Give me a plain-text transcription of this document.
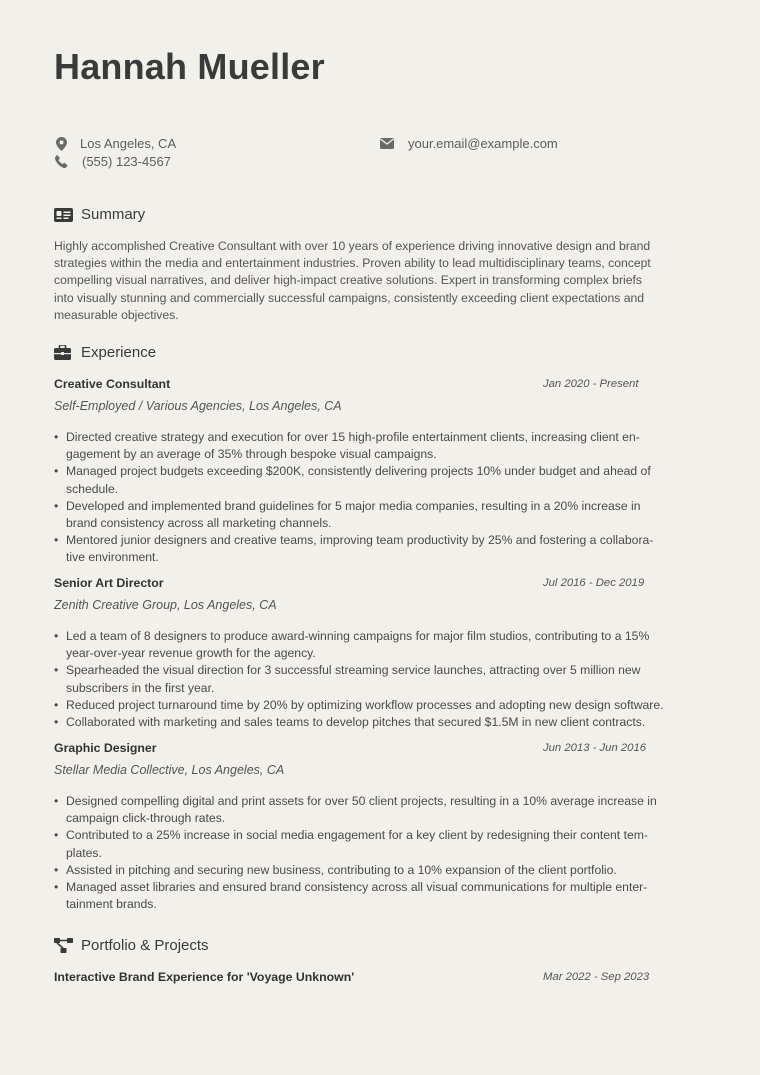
Hannah Mueller
Los Angeles, CA
(555) 123-4567
your.email@example.com
Summary

Highly accomplished Creative Consultant with over 10 years of experience driving innovative design and brand
strategies within the media and entertainment industries. Proven ability to lead multidisciplinary teams, concept
compelling visual narratives, and deliver high-impact creative solutions. Expert in transforming complex briefs
into visually stunning and commercially successful campaigns, consistently exceeding client expectations and
measurable objectives.

Experience
Creative Consultant	Jan 2020 - Present
Self-Employed / Various Agencies, Los Angeles, CA
• Directed creative strategy and execution for over 15 high-profile entertainment clients, increasing client en-
gagement by an average of 35% through bespoke visual campaigns.
• Managed project budgets exceeding $200K, consistently delivering projects 10% under budget and ahead of
schedule.
• Developed and implemented brand guidelines for 5 major media companies, resulting in a 20% increase in
brand consistency across all marketing channels.
• Mentored junior designers and creative teams, improving team productivity by 25% and fostering a collabora-
tive environment.
Senior Art Director	Jul 2016 - Dec 2019
Zenith Creative Group, Los Angeles, CA
• Led a team of 8 designers to produce award-winning campaigns for major film studios, contributing to a 15%
year-over-year revenue growth for the agency.
• Spearheaded the visual direction for 3 successful streaming service launches, attracting over 5 million new
subscribers in the first year.
• Reduced project turnaround time by 20% by optimizing workflow processes and adopting new design software.
• Collaborated with marketing and sales teams to develop pitches that secured $1.5M in new client contracts.
Graphic Designer	Jun 2013 - Jun 2016
Stellar Media Collective, Los Angeles, CA
• Designed compelling digital and print assets for over 50 client projects, resulting in a 10% average increase in
campaign click-through rates.
• Contributed to a 25% increase in social media engagement for a key client by redesigning their content tem-
plates.
• Assisted in pitching and securing new business, contributing to a 10% expansion of the client portfolio.
• Managed asset libraries and ensured brand consistency across all visual communications for multiple enter-
tainment brands.
Portfolio & Projects
Interactive Brand Experience for 'Voyage Unknown'	Mar 2022 - Sep 2023
